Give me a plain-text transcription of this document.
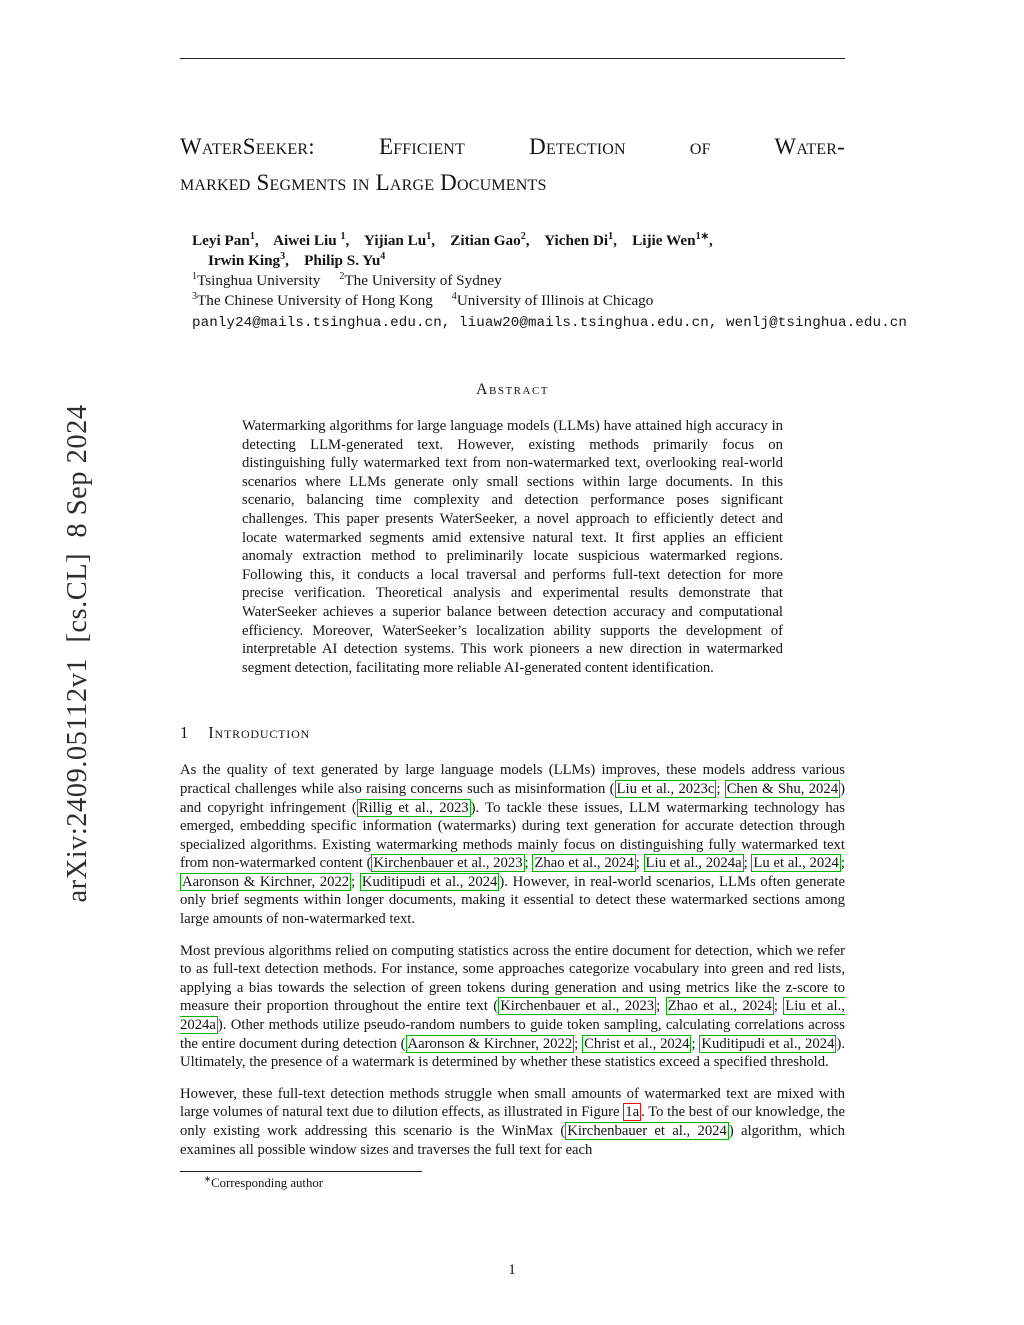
arXiv:2409.05112v1  [cs.CL]  8 Sep 2024

WaterSeeker: Efficient Detection of Water-
marked Segments in Large Documents
Leyi Pan$^1$,    Aiwei Liu $^1$,    Yijian Lu$^1$,    Zitian Gao$^2$,    Yichen Di$^1$,    Lijie Wen$^{1∗}$,
Irwin King$^3$,    Philip S. Yu$^4$
$^1$Tsinghua University     $^2$The University of Sydney
$^3$The Chinese University of Hong Kong     $^4$University of Illinois at Chicago
panly24@mails.tsinghua.edu.cn, liuaw20@mails.tsinghua.edu.cn, wenlj@tsinghua.edu.cn
Abstract

Watermarking algorithms for large language models (LLMs) have attained high accuracy in detecting LLM-generated text. However, existing methods primarily focus on distinguishing fully watermarked text from non-watermarked text, overlooking real-world scenarios where LLMs generate only small sections within large documents. In this scenario, balancing time complexity and detection performance poses significant challenges. This paper presents WaterSeeker, a novel approach to efficiently detect and locate watermarked segments amid extensive natural text. It first applies an efficient anomaly extraction method to preliminarily locate suspicious watermarked regions. Following this, it conducts a local traversal and performs full-text detection for more precise verification. Theoretical analysis and experimental results demonstrate that WaterSeeker achieves a superior balance between detection accuracy and computational efficiency. Moreover, WaterSeeker’s localization ability supports the development of interpretable AI detection systems. This work pioneers a new direction in watermarked segment detection, facilitating more reliable AI-generated content identification.

1 Introduction

As the quality of text generated by large language models (LLMs) improves, these models address various practical challenges while also raising concerns such as misinformation ( Liu et al., 2023c ; Chen & Shu, 2024 ) and copyright infringement ( Rillig et al., 2023 ). To tackle these issues, LLM watermarking technology has emerged, embedding specific information (watermarks) during text generation for accurate detection through specialized algorithms. Existing watermarking methods mainly focus on distinguishing fully watermarked text from non-watermarked content ( Kirchenbauer et al., 2023 ; Zhao et al., 2024 ; Liu et al., 2024a ; Lu et al., 2024 ; Aaronson & Kirchner, 2022 ; Kuditipudi et al., 2024 ). However, in real-world scenarios, LLMs often generate only brief segments within longer documents, making it essential to detect these watermarked sections among large amounts of non-watermarked text.

Most previous algorithms relied on computing statistics across the entire document for detection, which we refer to as full-text detection methods. For instance, some approaches categorize vocabulary into green and red lists, applying a bias towards the selection of green tokens during generation and using metrics like the z-score to measure their proportion throughout the entire text ( Kirchenbauer et al., 2023 ; Zhao et al., 2024 ; Liu et al., 2024a ). Other methods utilize pseudo-random numbers to guide token sampling, calculating correlations across the entire document during detection ( Aaronson & Kirchner, 2022 ; Christ et al., 2024 ; Kuditipudi et al., 2024 ). Ultimately, the presence of a watermark is determined by whether these statistics exceed a specified threshold.

However, these full-text detection methods struggle when small amounts of watermarked text are mixed with large volumes of natural text due to dilution effects, as illustrated in Figure 1a . To the best of our knowledge, the only existing work addressing this scenario is the WinMax ( Kirchenbauer et al., 2024 ) algorithm, which examines all possible window sizes and traverses the full text for each

∗Corresponding author
1
